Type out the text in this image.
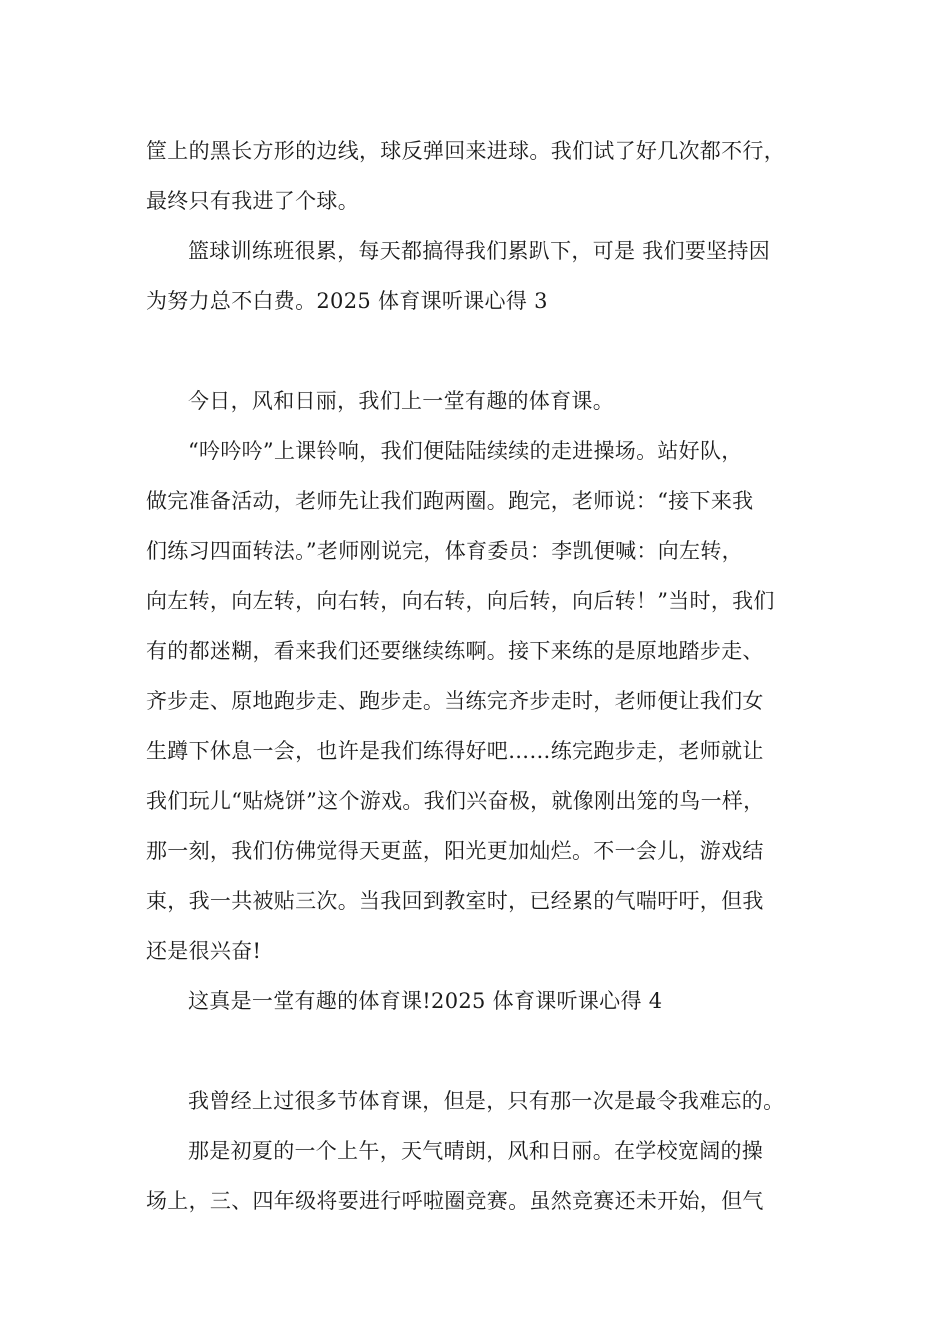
筐上的黑长方形的边线，球反弹回来进球。我们试了好几次都不行，
最终只有我进了个球。
篮球训练班很累，每天都搞得我们累趴下，可是 我们要坚持因
为努力总不白费。2025 体育课听课心得 3
今日，风和日丽，我们上一堂有趣的体育课。
“吟吟吟”上课铃响，我们便陆陆续续的走进操场。站好队，
做完准备活动，老师先让我们跑两圈。跑完，老师说：“接下来我
们练习四面转法。”老师刚说完，体育委员：李凯便喊：向左转，
向左转，向左转，向右转，向右转，向后转，向后转！”当时，我们
有的都迷糊，看来我们还要继续练啊。接下来练的是原地踏步走、
齐步走、原地跑步走、跑步走。当练完齐步走时，老师便让我们女
生蹲下休息一会，也许是我们练得好吧……练完跑步走，老师就让
我们玩儿“贴烧饼”这个游戏。我们兴奋极，就像刚出笼的鸟一样，
那一刻，我们仿佛觉得天更蓝，阳光更加灿烂。不一会儿，游戏结
束，我一共被贴三次。当我回到教室时，已经累的气喘吁吁，但我
还是很兴奋!
这真是一堂有趣的体育课!2025 体育课听课心得 4
我曾经上过很多节体育课，但是，只有那一次是最令我难忘的。
那是初夏的一个上午，天气晴朗，风和日丽。在学校宽阔的操
场上，三、四年级将要进行呼啦圈竞赛。虽然竞赛还未开始，但气
